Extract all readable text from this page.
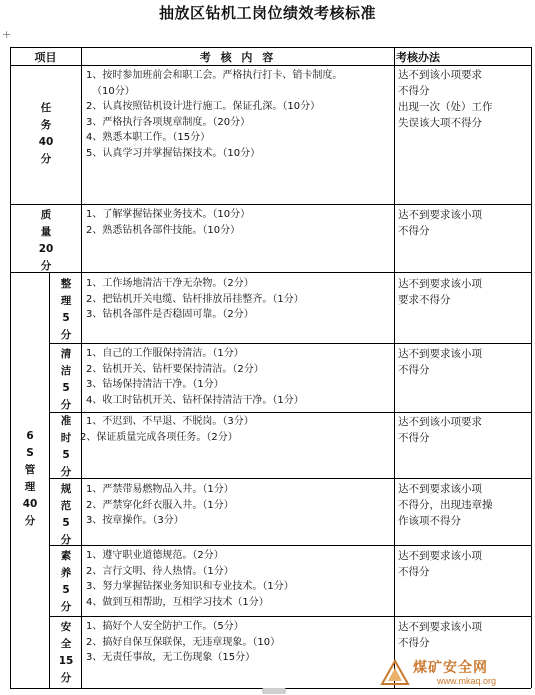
抽放区钻机工岗位绩效考核标准
+
项目	考 核 内 容	考核办法
任
务
40
分
1、按时参加班前会和职工会。严格执行打卡、销卡制度。
（10分）
2、认真按照钻机设计进行施工。保证孔深。（10分）
3、严格执行各项规章制度。（20分）
4、熟悉本职工作。（15分）
5、认真学习并掌握钻探技术。（10分）
达不到该小项要求
不得分
出现一次（处）工作
失误该大项不得分
质
量
20
分
1、了解掌握钻探业务技术。（10分）
2、熟悉钻机各部件技能。（10分）
达不到要求该小项
不得分
6
S
管
理
40
分
整
理
5
分
1、工作场地清洁干净无杂物。（2分）
2、把钻机开关电缆、钻杆排放吊挂整齐。（1分）
3、钻机各部件是否稳固可靠。（2分）
达不到要求该小项
要求不得分
清
洁
5
分
1、自己的工作服保持清洁。（1分）
2、钻机开关、钻杆要保持清洁。（2分）
3、钻场保持清洁干净。（1分）
4、收工时钻机开关、钻杆保持清洁干净。（1分）
达不到要求该小项
不得分
准
时
5
分
1、不迟到、不早退、不脱岗。（3分）
2、保证质量完成各项任务。（2分）
达不到该小项要求
不得分
规
范
5
分
1、严禁带易燃物品入井。（1分）
2、严禁穿化纤衣服入井。（1分）
3、按章操作。（3分）
达不到要求该小项
不得分，出现违章操
作该项不得分
素
养
5
分
1、遵守职业道德规范。（2分）
2、言行文明、待人热情。（1分）
3、努力掌握钻探业务知识和专业技术。（1分）
4、做到互相帮助，互相学习技术（1分）
达不到要求该小项
不得分
安
全
15
分
1、搞好个人安全防护工作。（5分）
2、搞好自保互保联保，无违章现象。（10）
3、无责任事故，无工伤现象（15分）
达不到要求该小项
不得分
煤矿安全网
www.mkaq.org
